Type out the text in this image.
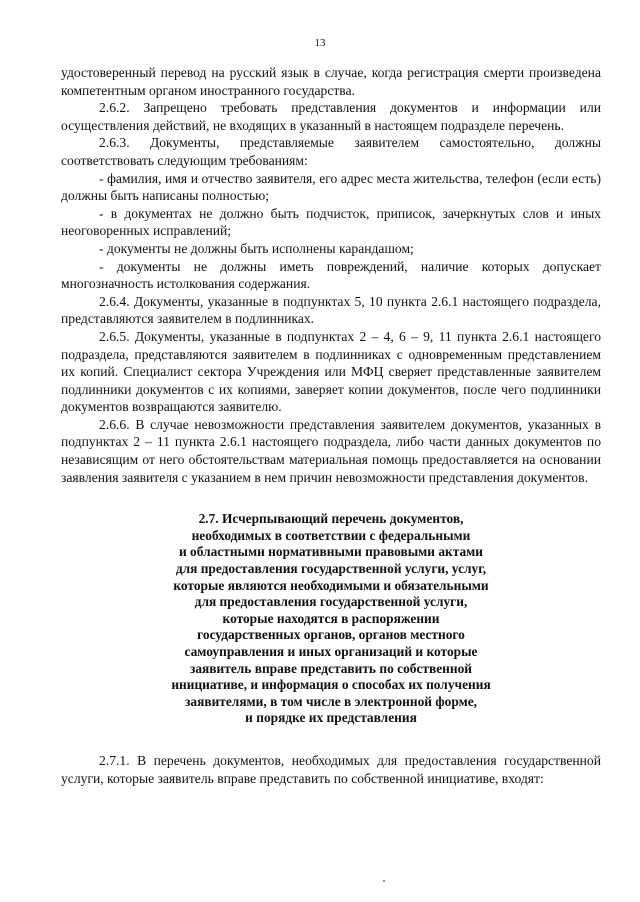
13

удостоверенный перевод на русский язык в случае, когда регистрация смерти произведена компетентным органом иностранного государства.

2.6.2. Запрещено требовать представления документов и информации или осуществления действий, не входящих в указанный в настоящем подразделе перечень.

2.6.3. Документы, представляемые заявителем самостоятельно, должны соответствовать следующим требованиям:

- фамилия, имя и отчество заявителя, его адрес места жительства, телефон (если есть) должны быть написаны полностью;

- в документах не должно быть подчисток, приписок, зачеркнутых слов и иных неоговоренных исправлений;

- документы не должны быть исполнены карандашом;

- документы не должны иметь повреждений, наличие которых допускает многозначность истолкования содержания.

2.6.4. Документы, указанные в подпунктах 5, 10 пункта 2.6.1 настоящего подраздела, представляются заявителем в подлинниках.

2.6.5. Документы, указанные в подпунктах 2 – 4, 6 – 9, 11 пункта 2.6.1 настоящего подраздела, представляются заявителем в подлинниках с одновременным представлением их копий. Специалист сектора Учреждения или МФЦ сверяет представленные заявителем подлинники документов с их копиями, заверяет копии документов, после чего подлинники документов возвращаются заявителю.

2.6.6. В случае невозможности представления заявителем документов, указанных в подпунктах 2 – 11 пункта 2.6.1 настоящего подраздела, либо части данных документов по независящим от него обстоятельствам материальная помощь предоставляется на основании заявления заявителя с указанием в нем причин невозможности представления документов.

2.7. Исчерпывающий перечень документов,
необходимых в соответствии с федеральными
и областными нормативными правовыми актами
для предоставления государственной услуги, услуг,
которые являются необходимыми и обязательными
для предоставления государственной услуги,
которые находятся в распоряжении
государственных органов, органов местного
самоуправления и иных организаций и которые
заявитель вправе представить по собственной
инициативе, и информация о способах их получения
заявителями, в том числе в электронной форме,
и порядке их представления

2.7.1. В перечень документов, необходимых для предоставления государственной услуги, которые заявитель вправе представить по собственной инициативе, входят:
